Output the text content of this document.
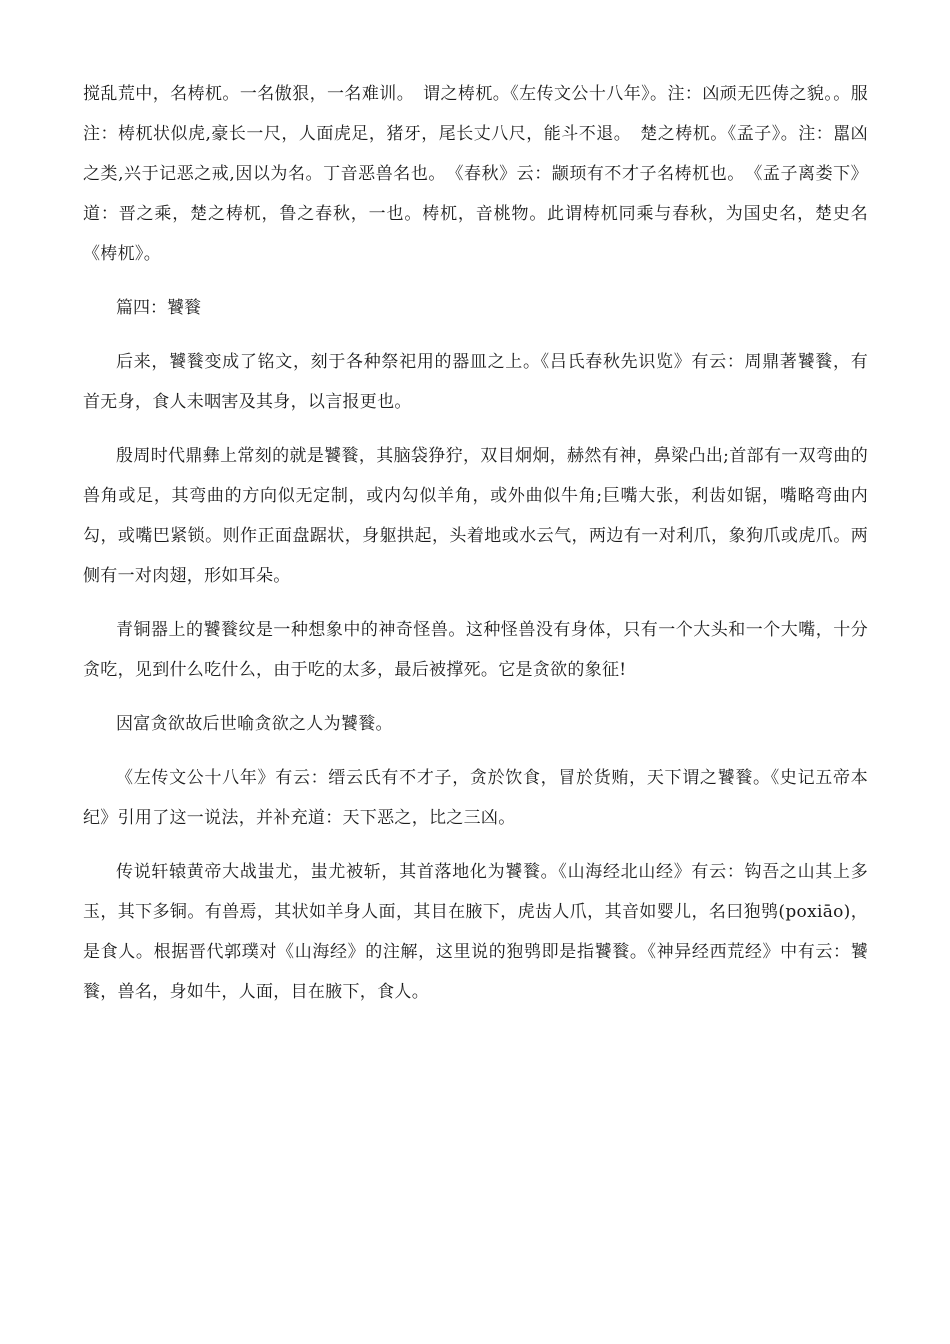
搅乱荒中，名梼杌。一名傲狠，一名难训。　谓之梼杌。《左传文公十八年》。注：凶顽无匹俦之貌。。服注：梼杌状似虎,豪长一尺，人面虎足，猪牙，尾长丈八尺，能斗不退。　楚之梼杌。《孟子》。注：嚚凶之类,兴于记恶之戒,因以为名。丁音恶兽名也。　《春秋》云：颛顼有不才子名梼杌也。　《孟子离娄下》道：晋之乘，楚之梼杌，鲁之春秋，一也。梼杌，音桃物。此谓梼杌同乘与春秋，为国史名，楚史名《梼杌》。

篇四：饕餮

后来，饕餮变成了铭文，刻于各种祭祀用的器皿之上。《吕氏春秋先识览》有云：周鼎著饕餮，有首无身，食人未咽害及其身，以言报更也。

殷周时代鼎彝上常刻的就是饕餮，其脑袋狰狞，双目炯炯，赫然有神，鼻梁凸出;首部有一双弯曲的兽角或足，其弯曲的方向似无定制，或内勾似羊角，或外曲似牛角;巨嘴大张，利齿如锯，嘴略弯曲内勾，或嘴巴紧锁。则作正面盘踞状，身躯拱起，头着地或水云气，两边有一对利爪，象狗爪或虎爪。两侧有一对肉翅，形如耳朵。

青铜器上的饕餮纹是一种想象中的神奇怪兽。这种怪兽没有身体，只有一个大头和一个大嘴，十分贪吃，见到什么吃什么，由于吃的太多，最后被撑死。它是贪欲的象征!

因富贪欲故后世喻贪欲之人为饕餮。

《左传文公十八年》有云：缙云氏有不才子，贪於饮食，冒於货贿，天下谓之饕餮。《史记五帝本纪》引用了这一说法，并补充道：天下恶之，比之三凶。

传说轩辕黄帝大战蚩尤，蚩尤被斩，其首落地化为饕餮。《山海经北山经》有云：钩吾之山其上多玉，其下多铜。有兽焉，其状如羊身人面，其目在腋下，虎齿人爪，其音如婴儿，名曰狍鸮(poxiāo)，是食人。根据晋代郭璞对《山海经》的注解，这里说的狍鸮即是指饕餮。《神异经西荒经》中有云：饕餮，兽名，身如牛，人面，目在腋下，食人。
